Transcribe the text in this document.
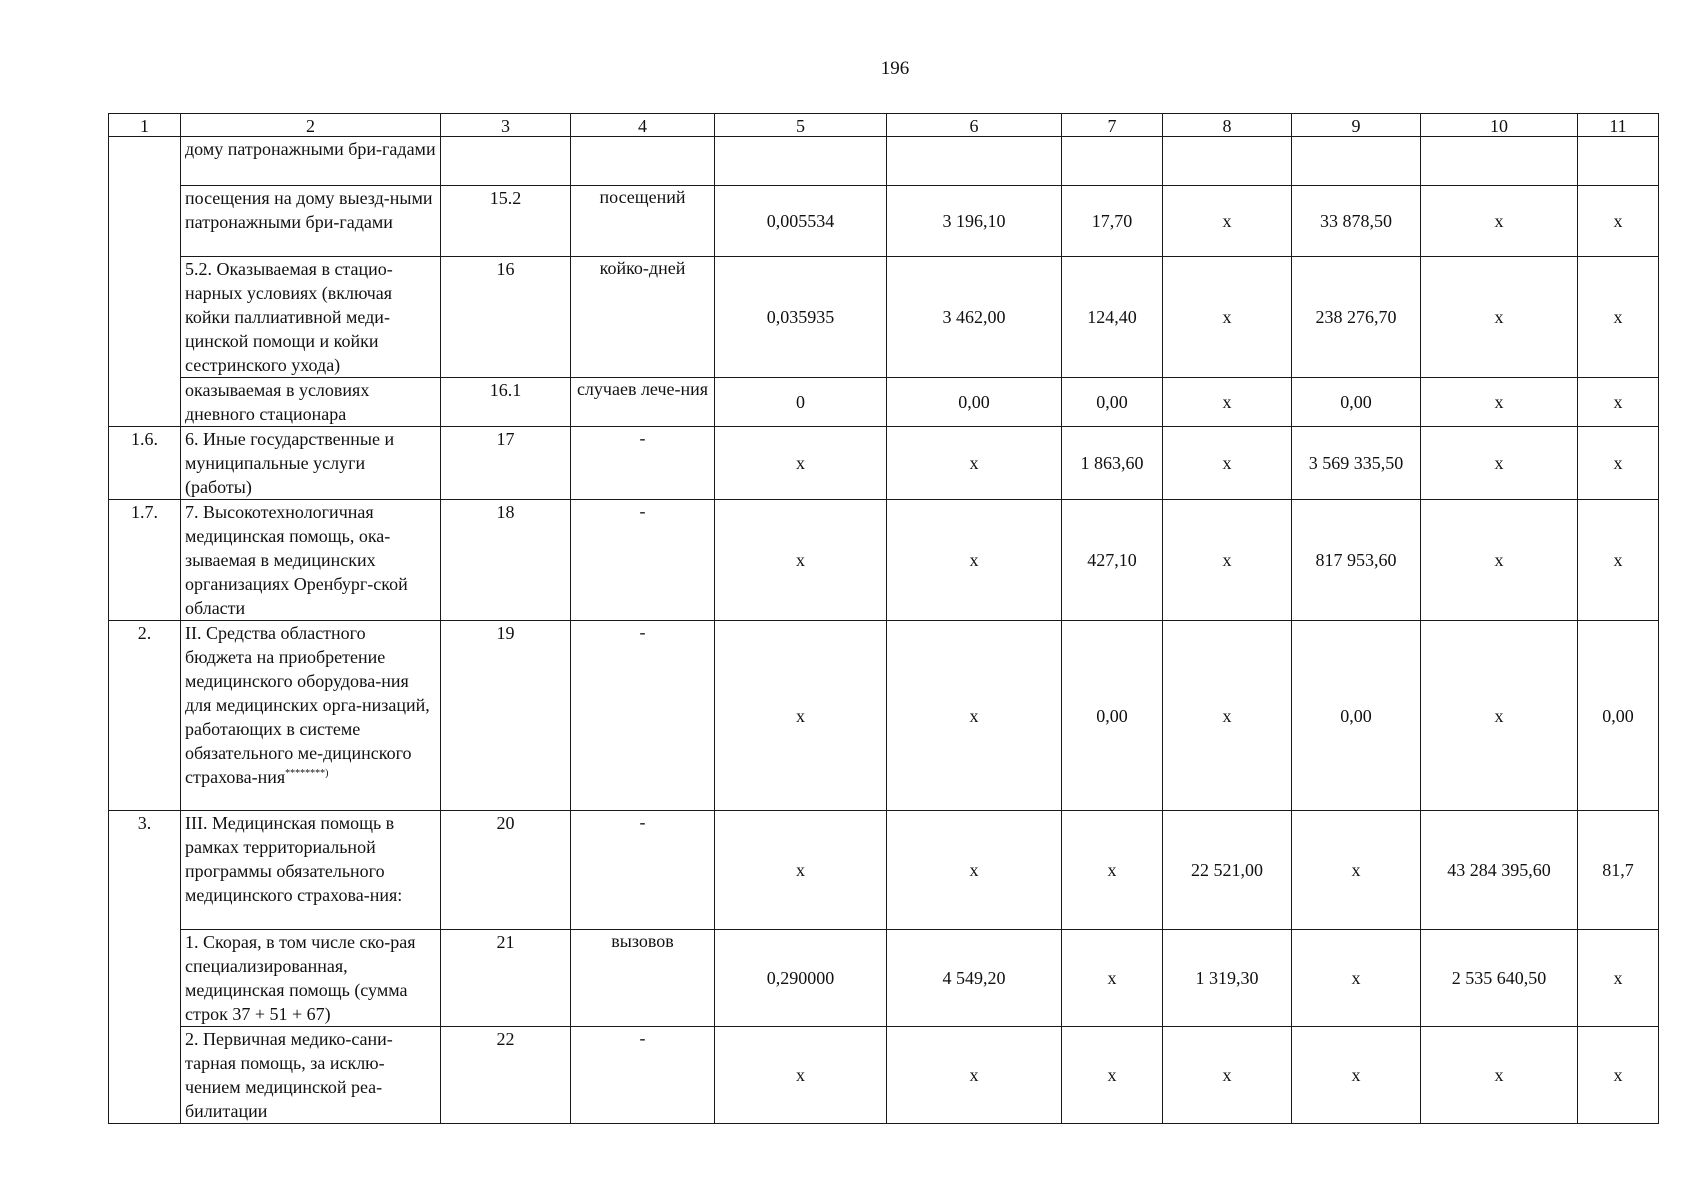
196
1	2	3	4	5	6	7	8	9	10	11
	дому патронажными бри-гадами									
	посещения на дому выезд-ными патронажными бри-гадами	15.2	посещений	0,005534	3 196,10	17,70	х	33 878,50	х	х
	5.2. Оказываемая в стацио-нарных условиях (включая койки паллиативной меди-цинской помощи и койки сестринского ухода)	16	койко-дней	0,035935	3 462,00	124,40	х	238 276,70	х	х
	оказываемая в условиях дневного стационара	16.1	случаев лече-ния	0	0,00	0,00	х	0,00	х	х
1.6.	6. Иные государственные и муниципальные услуги (работы)	17	-	х	х	1 863,60	х	3 569 335,50	х	х
1.7.	7. Высокотехнологичная медицинская помощь, ока-зываемая в медицинских организациях Оренбург-ской области	18	-	х	х	427,10	х	817 953,60	х	х
2.	II. Средства областного бюджета на приобретение медицинского оборудова-ния для медицинских орга-низаций, работающих в системе обязательного ме-дицинского страхова-ния********)	19	-	х	х	0,00	х	0,00	х	0,00
3.	III. Медицинская помощь в рамках территориальной программы обязательного медицинского страхова-ния:	20	-	х	х	х	22 521,00	х	43 284 395,60	81,7
	1. Скорая, в том числе ско-рая специализированная, медицинская помощь (сумма строк 37 + 51 + 67)	21	вызовов	0,290000	4 549,20	х	1 319,30	х	2 535 640,50	х
	2. Первичная медико-сани-тарная помощь, за исклю-чением медицинской реа-билитации	22	-	х	х	х	х	х	х	х
